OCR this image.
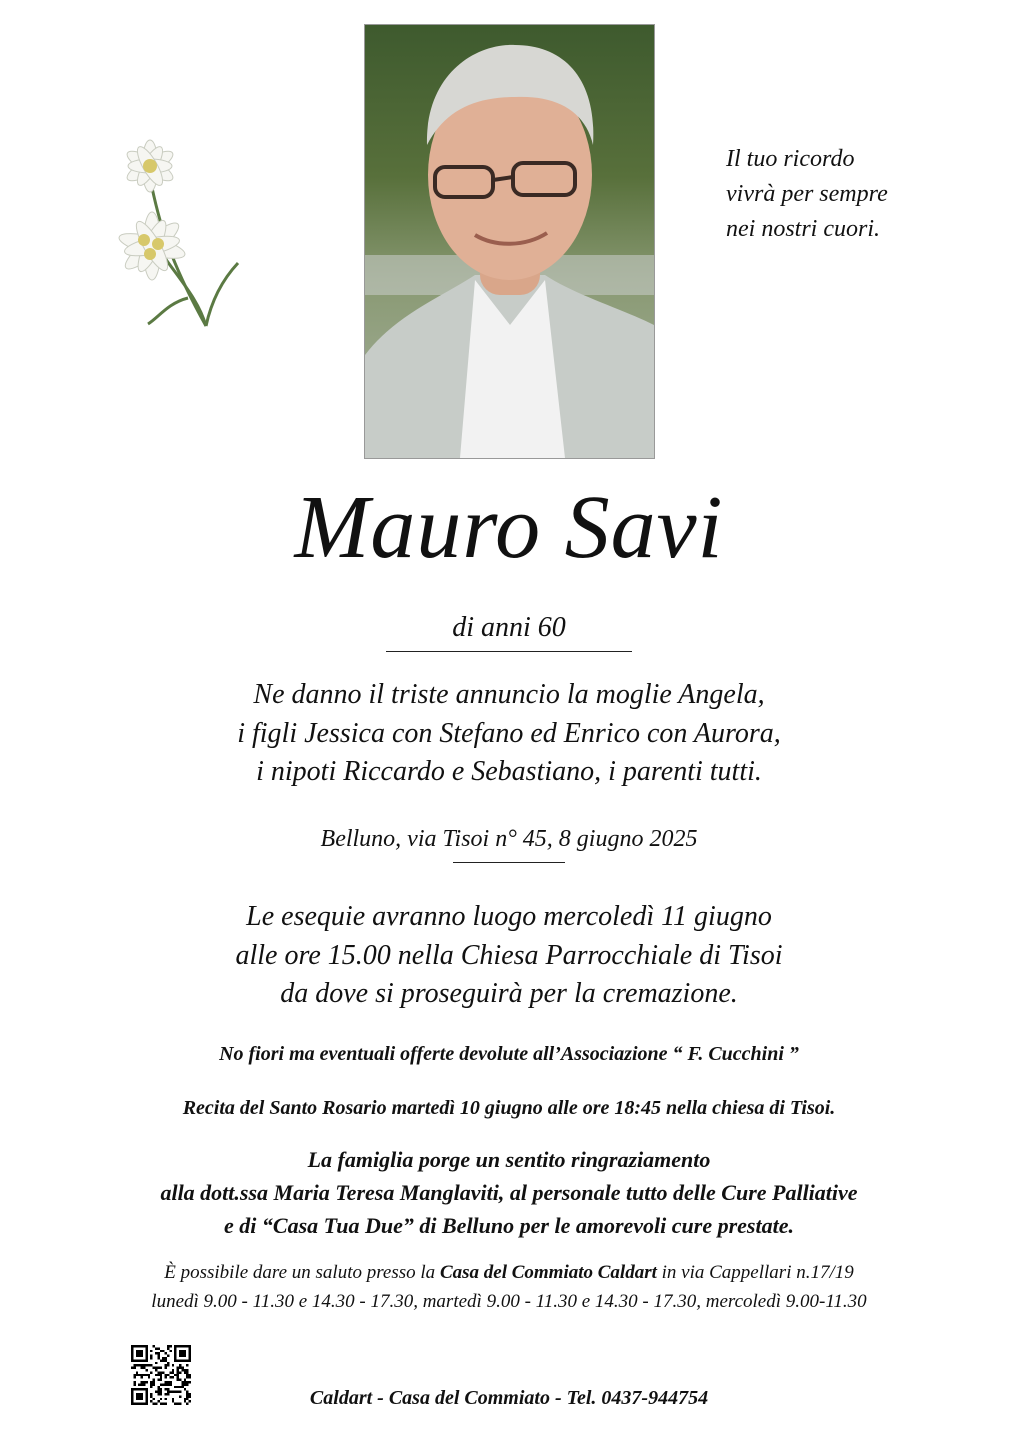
Il tuo ricordo
vivrà per sempre
nei nostri cuori.
Mauro Savi
di anni 60
Ne danno il triste annuncio la moglie Angela,
i figli Jessica con Stefano ed Enrico con Aurora,
i nipoti Riccardo e Sebastiano, i parenti tutti.
Belluno, via Tisoi n° 45, 8 giugno 2025
Le esequie avranno luogo mercoledì 11 giugno
alle ore 15.00 nella Chiesa Parrocchiale di Tisoi
da dove si proseguirà per la cremazione.
No fiori ma eventuali offerte devolute all’Associazione “ F. Cucchini ”
Recita del Santo Rosario martedì 10 giugno alle ore 18:45 nella chiesa di Tisoi.
La famiglia porge un sentito ringraziamento
alla dott.ssa Maria Teresa Manglaviti, al personale tutto delle Cure Palliative
e di “Casa Tua Due” di Belluno per le amorevoli cure prestate.
È possibile dare un saluto presso la Casa del Commiato Caldart in via Cappellari n.17/19
lunedì 9.00 - 11.30 e 14.30 - 17.30, martedì 9.00 - 11.30 e 14.30 - 17.30, mercoledì 9.00-11.30
Caldart - Casa del Commiato - Tel. 0437-944754
